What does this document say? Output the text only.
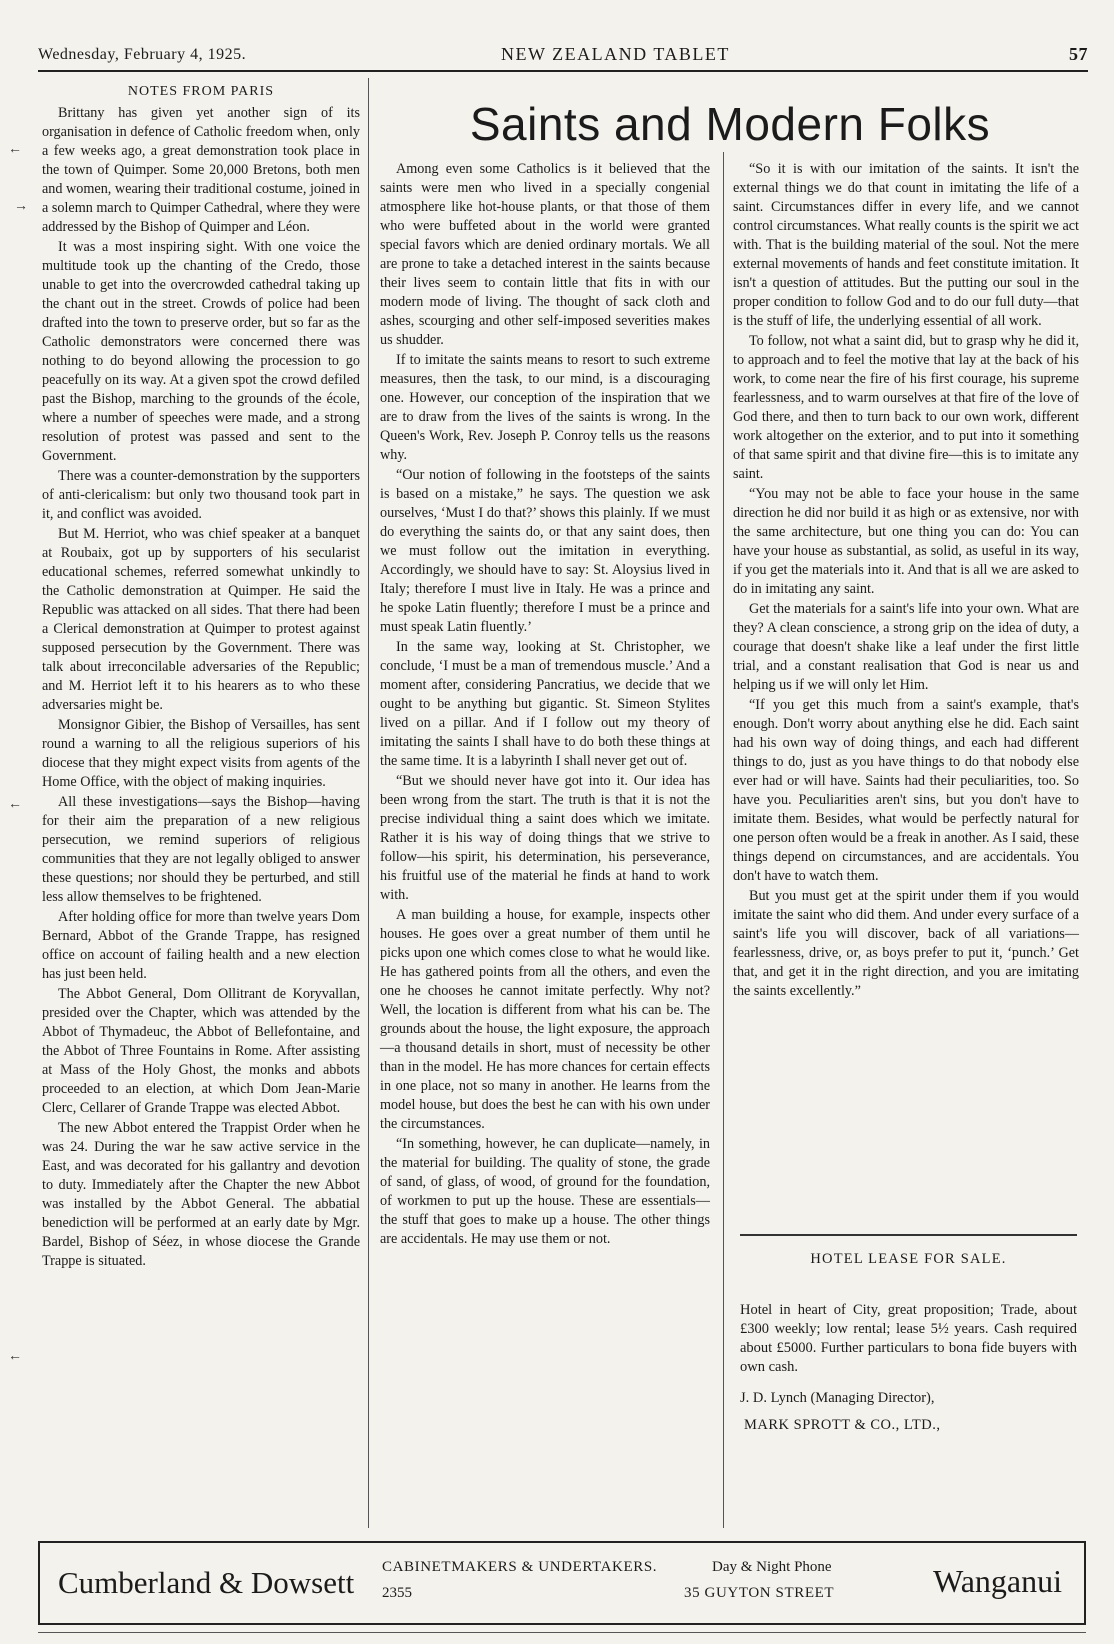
Wednesday, February 4, 1925.	NEW ZEALAND TABLET	57

NOTES FROM PARIS

Brittany has given yet another sign of its organisation in defence of Catholic freedom when, only a few weeks ago, a great demonstration took place in the town of Quimper. Some 20,000 Bretons, both men and women, wearing their traditional costume, joined in a solemn march to Quimper Cathedral, where they were addressed by the Bishop of Quimper and Léon.

It was a most inspiring sight. With one voice the multitude took up the chanting of the Credo, those unable to get into the overcrowded cathedral taking up the chant out in the street. Crowds of police had been drafted into the town to preserve order, but so far as the Catholic demonstrators were concerned there was nothing to do beyond allowing the procession to go peacefully on its way. At a given spot the crowd defiled past the Bishop, marching to the grounds of the école, where a number of speeches were made, and a strong resolution of protest was passed and sent to the Government.

There was a counter-demonstration by the supporters of anti-clericalism: but only two thousand took part in it, and conflict was avoided.

But M. Herriot, who was chief speaker at a banquet at Roubaix, got up by supporters of his secularist educational schemes, referred somewhat unkindly to the Catholic demonstration at Quimper. He said the Republic was attacked on all sides. That there had been a Clerical demonstration at Quimper to protest against supposed persecution by the Government. There was talk about irreconcilable adversaries of the Republic; and M. Herriot left it to his hearers as to who these adversaries might be.

Monsignor Gibier, the Bishop of Versailles, has sent round a warning to all the religious superiors of his diocese that they might expect visits from agents of the Home Office, with the object of making inquiries.

All these investigations—says the Bishop—having for their aim the preparation of a new religious persecution, we remind superiors of religious communities that they are not legally obliged to answer these questions; nor should they be perturbed, and still less allow themselves to be frightened.

After holding office for more than twelve years Dom Bernard, Abbot of the Grande Trappe, has resigned office on account of failing health and a new election has just been held.

The Abbot General, Dom Ollitrant de Koryvallan, presided over the Chapter, which was attended by the Abbot of Thymadeuc, the Abbot of Bellefontaine, and the Abbot of Three Fountains in Rome. After assisting at Mass of the Holy Ghost, the monks and abbots proceeded to an election, at which Dom Jean-Marie Clerc, Cellarer of Grande Trappe was elected Abbot.

The new Abbot entered the Trappist Order when he was 24. During the war he saw active service in the East, and was decorated for his gallantry and devotion to duty. Immediately after the Chapter the new Abbot was installed by the Abbot General. The abbatial benediction will be performed at an early date by Mgr. Bardel, Bishop of Séez, in whose diocese the Grande Trappe is situated.

Saints and Modern Folks

Among even some Catholics is it believed that the saints were men who lived in a specially congenial atmosphere like hot-house plants, or that those of them who were buffeted about in the world were granted special favors which are denied ordinary mortals. We all are prone to take a detached interest in the saints because their lives seem to contain little that fits in with our modern mode of living. The thought of sack cloth and ashes, scourging and other self-imposed severities makes us shudder.

If to imitate the saints means to resort to such extreme measures, then the task, to our mind, is a discouraging one. However, our conception of the inspiration that we are to draw from the lives of the saints is wrong. In the Queen's Work, Rev. Joseph P. Conroy tells us the reasons why.

“Our notion of following in the footsteps of the saints is based on a mistake,” he says. The question we ask ourselves, ‘Must I do that?’ shows this plainly. If we must do everything the saints do, or that any saint does, then we must follow out the imitation in everything. Accordingly, we should have to say: St. Aloysius lived in Italy; therefore I must live in Italy. He was a prince and he spoke Latin fluently; therefore I must be a prince and must speak Latin fluently.’

In the same way, looking at St. Christopher, we conclude, ‘I must be a man of tremendous muscle.’ And a moment after, considering Pancratius, we decide that we ought to be anything but gigantic. St. Simeon Stylites lived on a pillar. And if I follow out my theory of imitating the saints I shall have to do both these things at the same time. It is a labyrinth I shall never get out of.

“But we should never have got into it. Our idea has been wrong from the start. The truth is that it is not the precise individual thing a saint does which we imitate. Rather it is his way of doing things that we strive to follow—his spirit, his determination, his perseverance, his fruitful use of the material he finds at hand to work with.

A man building a house, for example, inspects other houses. He goes over a great number of them until he picks upon one which comes close to what he would like. He has gathered points from all the others, and even the one he chooses he cannot imitate perfectly. Why not? Well, the location is different from what his can be. The grounds about the house, the light exposure, the approach—a thousand details in short, must of necessity be other than in the model. He has more chances for certain effects in one place, not so many in another. He learns from the model house, but does the best he can with his own under the circumstances.

“In something, however, he can duplicate—namely, in the material for building. The quality of stone, the grade of sand, of glass, of wood, of ground for the foundation, of workmen to put up the house. These are essentials—the stuff that goes to make up a house. The other things are accidentals. He may use them or not.

“So it is with our imitation of the saints. It isn't the external things we do that count in imitating the life of a saint. Circumstances differ in every life, and we cannot control circumstances. What really counts is the spirit we act with. That is the building material of the soul. Not the mere external movements of hands and feet constitute imitation. It isn't a question of attitudes. But the putting our soul in the proper condition to follow God and to do our full duty—that is the stuff of life, the underlying essential of all work.

To follow, not what a saint did, but to grasp why he did it, to approach and to feel the motive that lay at the back of his work, to come near the fire of his first courage, his supreme fearlessness, and to warm ourselves at that fire of the love of God there, and then to turn back to our own work, different work altogether on the exterior, and to put into it something of that same spirit and that divine fire—this is to imitate any saint.

“You may not be able to face your house in the same direction he did nor build it as high or as extensive, nor with the same architecture, but one thing you can do: You can have your house as substantial, as solid, as useful in its way, if you get the materials into it. And that is all we are asked to do in imitating any saint.

Get the materials for a saint's life into your own. What are they? A clean conscience, a strong grip on the idea of duty, a courage that doesn't shake like a leaf under the first little trial, and a constant realisation that God is near us and helping us if we will only let Him.

“If you get this much from a saint's example, that's enough. Don't worry about anything else he did. Each saint had his own way of doing things, and each had different things to do, just as you have things to do that nobody else ever had or will have. Saints had their peculiarities, too. So have you. Peculiarities aren't sins, but you don't have to imitate them. Besides, what would be perfectly natural for one person often would be a freak in another. As I said, these things depend on circumstances, and are accidentals. You don't have to watch them.

But you must get at the spirit under them if you would imitate the saint who did them. And under every surface of a saint's life you will discover, back of all variations—fearlessness, drive, or, as boys prefer to put it, ‘punch.’ Get that, and get it in the right direction, and you are imitating the saints excellently.”

HOTEL LEASE FOR SALE.
Hotel in heart of City, great proposition; Trade, about £300 weekly; low rental; lease 5½ years. Cash required about £5000. Further particulars to bona fide buyers with own cash.
J. D. Lynch (Managing Director),
MARK SPROTT & CO., LTD.,
Cumberland & Dowsett CABINETMAKERS & UNDERTAKERS.
2355
Day & Night Phone
35 GUYTON STREET	Wanganui
←
→
←
←
